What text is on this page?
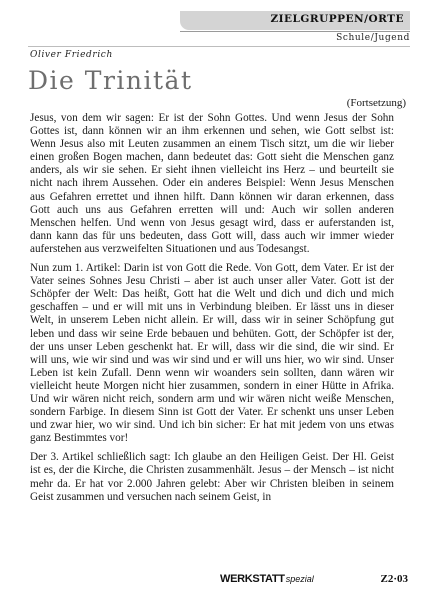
ZIELGRUPPEN/ORTE
Schule/Jugend
Oliver Friedrich
Die Trinität
(Fortsetzung)

Jesus, von dem wir sagen: Er ist der Sohn Gottes. Und wenn Jesus der Sohn Gottes ist, dann können wir an ihm erkennen und sehen, wie Gott selbst ist: Wenn Jesus also mit Leuten zusammen an einem Tisch sitzt, um die wir lieber einen großen Bogen machen, dann bedeutet das: Gott sieht die Menschen ganz anders, als wir sie sehen. Er sieht ihnen vielleicht ins Herz – und beurteilt sie nicht nach ihrem Aussehen. Oder ein anderes Beispiel: Wenn Jesus Menschen aus Gefahren errettet und ihnen hilft. Dann können wir daran erkennen, dass Gott auch uns aus Gefahren erretten will und: Auch wir sollen anderen Menschen helfen. Und wenn von Jesus gesagt wird, dass er auferstanden ist, dann kann das für uns bedeuten, dass Gott will, dass auch wir immer wieder auferstehen aus verzweifelten Situationen und aus Todesangst.

Nun zum 1. Artikel: Darin ist von Gott die Rede. Von Gott, dem Vater. Er ist der Vater seines Sohnes Jesu Christi – aber ist auch unser aller Vater. Gott ist der Schöpfer der Welt: Das heißt, Gott hat die Welt und dich und dich und mich geschaffen – und er will mit uns in Verbindung bleiben. Er lässt uns in dieser Welt, in unserem Leben nicht allein. Er will, dass wir in seiner Schöpfung gut leben und dass wir seine Erde bebauen und behüten. Gott, der Schöpfer ist der, der uns unser Leben geschenkt hat. Er will, dass wir die sind, die wir sind. Er will uns, wie wir sind und was wir sind und er will uns hier, wo wir sind. Unser Leben ist kein Zufall. Denn wenn wir woanders sein sollten, dann wären wir vielleicht heute Morgen nicht hier zusammen, sondern in einer Hütte in Afrika. Und wir wären nicht reich, sondern arm und wir wären nicht weiße Menschen, sondern Farbige. In diesem Sinn ist Gott der Vater. Er schenkt uns unser Leben und zwar hier, wo wir sind. Und ich bin sicher: Er hat mit jedem von uns etwas ganz Bestimmtes vor!

Der 3. Artikel schließlich sagt: Ich glaube an den Heiligen Geist. Der Hl. Geist ist es, der die Kirche, die Christen zusammenhält. Jesus – der Mensch – ist nicht mehr da. Er hat vor 2.000 Jahren gelebt: Aber wir Christen bleiben in seinem Geist zusammen und versuchen nach seinem Geist, in

WERKSTATTspezial	Z2·03
